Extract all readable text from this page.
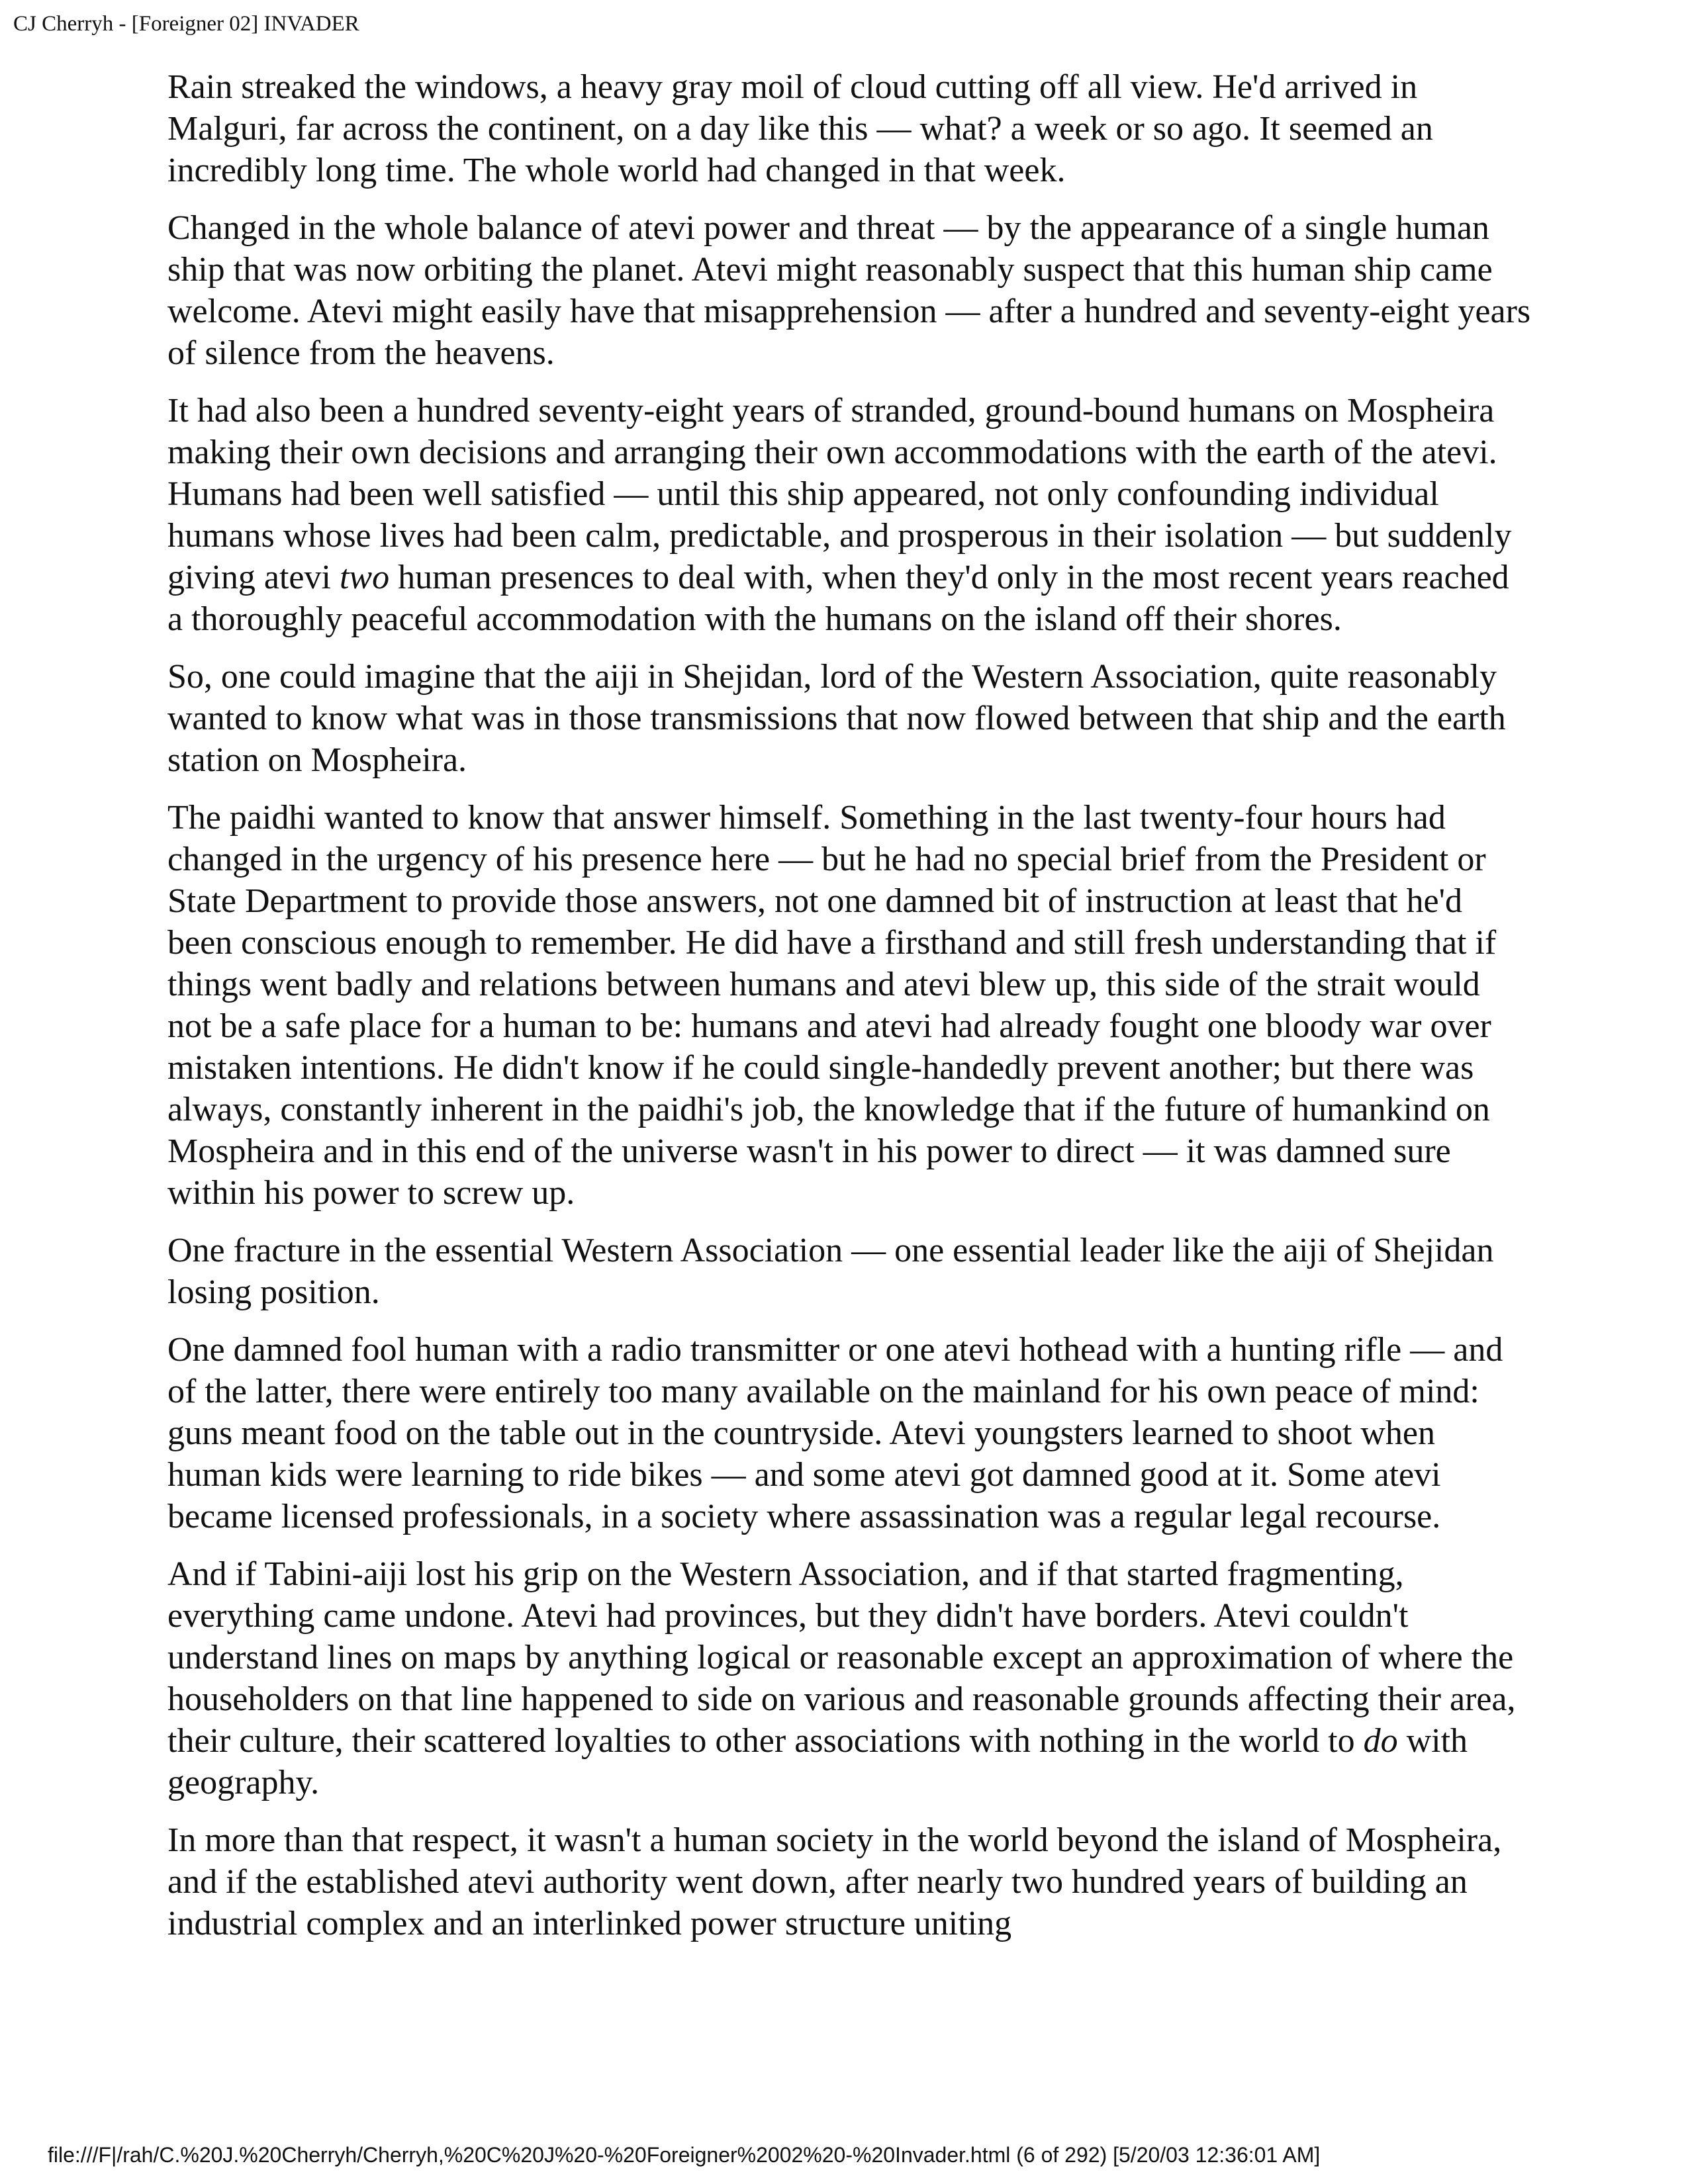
CJ Cherryh - [Foreigner 02] INVADER

Rain streaked the windows, a heavy gray moil of cloud cutting off all view. He'd arrived in Malguri, far across the continent, on a day like this — what? a week or so ago. It seemed an incredibly long time. The whole world had changed in that week.

Changed in the whole balance of atevi power and threat — by the appearance of a single human ship that was now orbiting the planet. Atevi might reasonably suspect that this human ship came welcome. Atevi might easily have that misapprehension — after a hundred and seventy-eight years of silence from the heavens.

It had also been a hundred seventy-eight years of stranded, ground-bound humans on Mospheira making their own decisions and arranging their own accommodations with the earth of the atevi. Humans had been well satisfied — until this ship appeared, not only confounding individual humans whose lives had been calm, predictable, and prosperous in their isolation — but suddenly giving atevi two human presences to deal with, when they'd only in the most recent years reached a thoroughly peaceful accommodation with the humans on the island off their shores.

So, one could imagine that the aiji in Shejidan, lord of the Western Association, quite reasonably wanted to know what was in those transmissions that now flowed between that ship and the earth station on Mospheira.

The paidhi wanted to know that answer himself. Something in the last twenty-four hours had changed in the urgency of his presence here — but he had no special brief from the President or State Department to provide those answers, not one damned bit of instruction at least that he'd been conscious enough to remember. He did have a firsthand and still fresh understanding that if things went badly and relations between humans and atevi blew up, this side of the strait would not be a safe place for a human to be: humans and atevi had already fought one bloody war over mistaken intentions. He didn't know if he could single-handedly prevent another; but there was always, constantly inherent in the paidhi's job, the knowledge that if the future of humankind on Mospheira and in this end of the universe wasn't in his power to direct — it was damned sure within his power to screw up.

One fracture in the essential Western Association — one essential leader like the aiji of Shejidan losing position.

One damned fool human with a radio transmitter or one atevi hothead with a hunting rifle — and of the latter, there were entirely too many available on the mainland for his own peace of mind: guns meant food on the table out in the countryside. Atevi youngsters learned to shoot when human kids were learning to ride bikes — and some atevi got damned good at it. Some atevi became licensed professionals, in a society where assassination was a regular legal recourse.

And if Tabini-aiji lost his grip on the Western Association, and if that started fragmenting, everything came undone. Atevi had provinces, but they didn't have borders. Atevi couldn't understand lines on maps by anything logical or reasonable except an approximation of where the householders on that line happened to side on various and reasonable grounds affecting their area, their culture, their scattered loyalties to other associations with nothing in the world to do with geography.

In more than that respect, it wasn't a human society in the world beyond the island of Mospheira, and if the established atevi authority went down, after nearly two hundred years of building an industrial complex and an interlinked power structure uniting

file:///F|/rah/C.%20J.%20Cherryh/Cherryh,%20C%20J%20-%20Foreigner%2002%20-%20Invader.html (6 of 292) [5/20/03 12:36:01 AM]
